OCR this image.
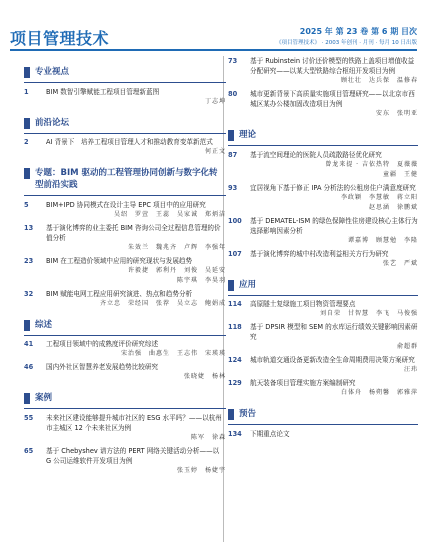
项目管理技术	2025 年 第 23 卷 第 6 期 目次
《项目管理技术》 · 2003 年创刊 · 月刊 · 每月 10 日出版
专业视点
1	BIM 数智引擎赋能工程项目管理新蓝图
丁志坤
前沿论坛
2	AI 背景下　培养工程项目管理人才和推动教育变革新范式
何正文
专题：BIM 驱动的工程管理协同创新与数字化转型前沿实践
5	BIM+IPD 协同模式在设计主导 EPC 项目中的应用研究
吴绍　罗萱　王蕊　吴家诚　郑炳洁
13	基于演化博弈的业主委托 BIM 咨询公司全过程信息管理的价值分析
朱效兰　魏兆齐　卢辉　李强年
23	BIM 在工程造价领域中应用的研究现状与发展趋势
许毅捷　郭利丹　刘俊　吴延安
陈宇琪　李昊羽
32	BIM 赋能电网工程应用研究演进、热点和趋势分析
齐立忠　荣经国　张荐　吴立志　鲍娟成
综述
41	工程项目领域中的成熟度评价研究综述
宋治强　曲惠生　王志伟　宋瑛瑛
46	国内外社区智慧养老发展趋势比较研究
张晓婕　杨林
案例
55	未来社区建设能够提升城市社区的 ESG 水平吗？——以杭州市主城区 12 个未来社区为例
陈军　徐森
65	基于 Chebyshev 谱方法的 PERT 网络关键活动分析——以 G 公司运维软件开发项目为例
张玉婷　杨婕宇
73	基于 Rubinstein 讨价还价模型的铁路上盖项目增值收益分配研究——以某大型铁路综合枢纽开发项目为例
顾壮壮　达兵保　温修春
80	城市更新背景下高质量实施项目管理研究——以北京市西城区某办公楼加固改造项目为例
安东　张明亚
理论
87	基于流空间理论的医院人员疏散路径优化研究
曾龙来提 · 吉依热特　夏薇薇
童疆　王健
93	宜居视角下基于修正 IPA 分析法的公租房住户满意度研究
李政颖　李慧敏　蒋立阳
赵思涵　徐鹏斌
100	基于 DEMATEL-ISM 的绿色保障性住房建设核心主体行为选择影响因素分析
谭嘉博　顾慧勉　李隆
107	基于演化博弈的城中村改造利益相关方行为研究
张艺　严斌
应用
114	高原隧土复绿施工项目物资管理要点
刘自荣　甘智慧　李飞　马俊强
118	基于 DPSIR 模型和 SEM 的水库运行绩效关键影响因素研究
俞超群
124	城市轨道交通设备更新改造全生命周期费用决策方案研究
汪玮
129	航天装备项目管理实施方案编制研究
白体舟　杨朔馨　郭雅萍
预告
134	下期重点论文
